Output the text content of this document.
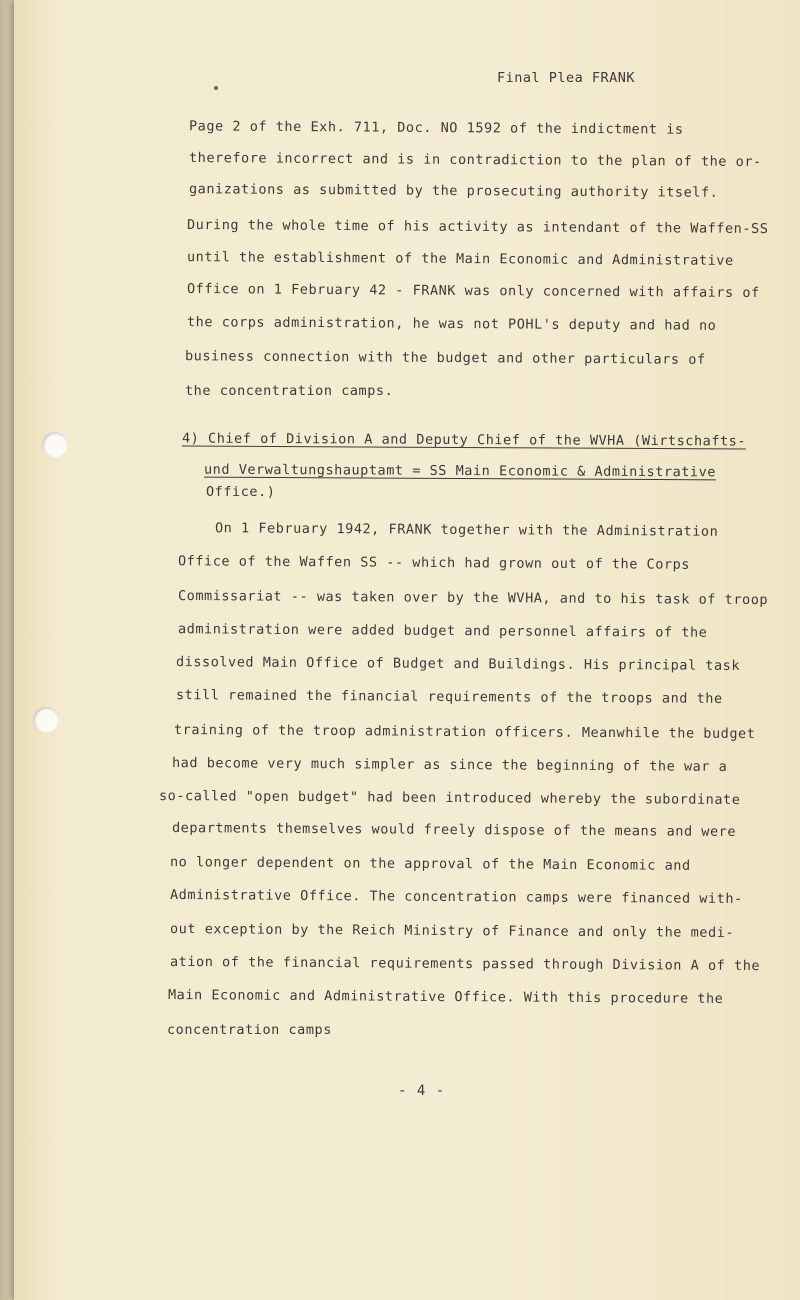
Final Plea FRANK
Page 2 of the Exh. 711, Doc. NO 1592 of the indictment is
therefore incorrect and is in contradiction to the plan of the or-
ganizations as submitted by the prosecuting authority itself.
During the whole time of his activity as intendant of the Waffen-SS
until the establishment of the Main Economic and Administrative
Office on 1 February 42 - FRANK was only concerned with affairs of
the corps administration, he was not POHL's deputy and had no
business connection with the budget and other particulars of
the concentration camps.
4) Chief of Division A and Deputy Chief of the WVHA (Wirtschafts-
und Verwaltungshauptamt = SS Main Economic & Administrative
Office.)
On 1 February 1942, FRANK together with the Administration
Office of the Waffen SS -- which had grown out of the Corps
Commissariat -- was taken over by the WVHA, and to his task of troop
administration were added budget and personnel affairs of the
dissolved Main Office of Budget and Buildings. His principal task
still remained the financial requirements of the troops and the
training of the troop administration officers. Meanwhile the budget
had become very much simpler as since the beginning of the war a
so-called "open budget" had been introduced whereby the subordinate
departments themselves would freely dispose of the means and were
no longer dependent on the approval of the Main Economic and
Administrative Office. The concentration camps were financed with-
out exception by the Reich Ministry of Finance and only the medi-
ation of the financial requirements passed through Division A of the
Main Economic and Administrative Office. With this procedure the
concentration camps
- 4 -
